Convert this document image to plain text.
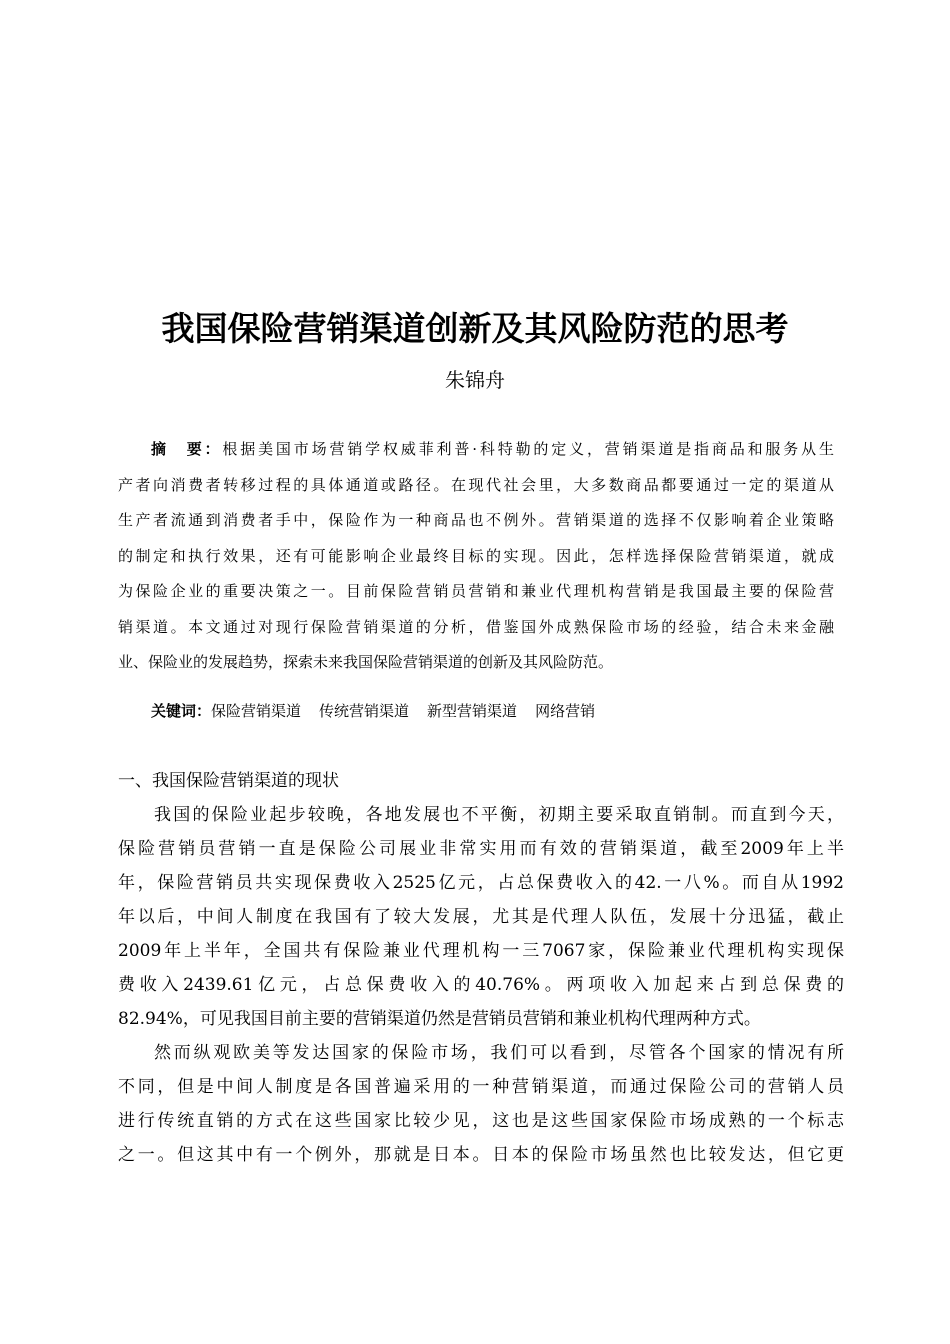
我国保险营销渠道创新及其风险防范的思考
朱锦舟
摘　要：根据美国市场营销学权威菲利普·科特勒的定义，营销渠道是指商品和服务从生
产者向消费者转移过程的具体通道或路径。在现代社会里，大多数商品都要通过一定的渠道从
生产者流通到消费者手中，保险作为一种商品也不例外。营销渠道的选择不仅影响着企业策略
的制定和执行效果，还有可能影响企业最终目标的实现。因此，怎样选择保险营销渠道，就成
为保险企业的重要决策之一。目前保险营销员营销和兼业代理机构营销是我国最主要的保险营
销渠道。本文通过对现行保险营销渠道的分析，借鉴国外成熟保险市场的经验，结合未来金融
业、保险业的发展趋势，探索未来我国保险营销渠道的创新及其风险防范。
关键词：保险营销渠道 传统营销渠道 新型营销渠道 网络营销
一、我国保险营销渠道的现状
我国的保险业起步较晚，各地发展也不平衡，初期主要采取直销制。而直到今天，
保险营销员营销一直是保险公司展业非常实用而有效的营销渠道，截至2009年上半
年，保险营销员共实现保费收入2525亿元，占总保费收入的42.一八%。而自从1992
年以后，中间人制度在我国有了较大发展，尤其是代理人队伍，发展十分迅猛，截止
2009年上半年，全国共有保险兼业代理机构一三7067家，保险兼业代理机构实现保
费收入2439.61亿元，占总保费收入的40.76%。两项收入加起来占到总保费的
82.94%，可见我国目前主要的营销渠道仍然是营销员营销和兼业机构代理两种方式。
然而纵观欧美等发达国家的保险市场，我们可以看到，尽管各个国家的情况有所
不同，但是中间人制度是各国普遍采用的一种营销渠道，而通过保险公司的营销人员
进行传统直销的方式在这些国家比较少见，这也是这些国家保险市场成熟的一个标志
之一。但这其中有一个例外，那就是日本。日本的保险市场虽然也比较发达，但它更
